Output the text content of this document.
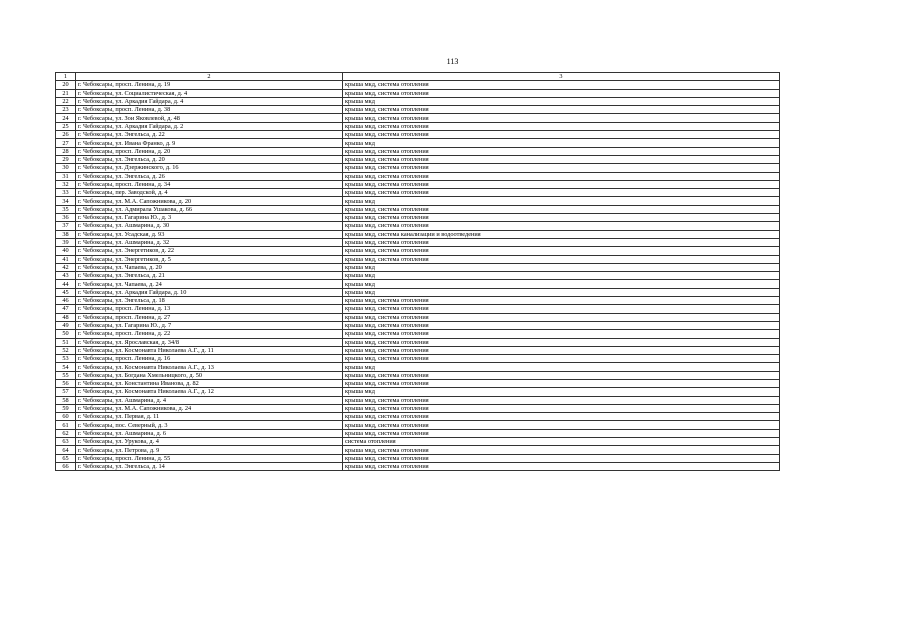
113
1	2	3
20	г. Чебоксары, просп. Ленина, д. 19	крыша мкд, система отопления
21	г. Чебоксары, ул. Социалистическая, д. 4	крыша мкд, система отопления
22	г. Чебоксары, ул. Аркадия Гайдара, д. 4	крыша мкд
23	г. Чебоксары, просп. Ленина, д. 38	крыша мкд, система отопления
24	г. Чебоксары, ул. Зои Яковлевой, д. 48	крыша мкд, система отопления
25	г. Чебоксары, ул. Аркадия Гайдара, д. 2	крыша мкд, система отопления
26	г. Чебоксары, ул. Энгельса, д. 22	крыша мкд, система отопления
27	г. Чебоксары, ул. Ивана Франко, д. 9	крыша мкд
28	г. Чебоксары, просп. Ленина, д. 20	крыша мкд, система отопления
29	г. Чебоксары, ул. Энгельса, д. 20	крыша мкд, система отопления
30	г. Чебоксары, ул. Дзержинского, д. 16	крыша мкд, система отопления
31	г. Чебоксары, ул. Энгельса, д. 26	крыша мкд, система отопления
32	г. Чебоксары, просп. Ленина, д. 34	крыша мкд, система отопления
33	г. Чебоксары, пер. Заводской, д. 4	крыша мкд, система отопления
34	г. Чебоксары, ул. М.А. Сапожникова, д. 20	крыша мкд
35	г. Чебоксары, ул. Адмирала Ушакова, д. 66	крыша мкд, система отопления
36	г. Чебоксары, ул. Гагарина Ю., д. 3	крыша мкд, система отопления
37	г. Чебоксары, ул. Ашмарина, д. 30	крыша мкд, система отопления
38	г. Чебоксары, ул. Усадская, д. 93	крыша мкд, система канализации и водоотведения
39	г. Чебоксары, ул. Ашмарина, д. 32	крыша мкд, система отопления
40	г. Чебоксары, ул. Энергетиков, д. 22	крыша мкд, система отопления
41	г. Чебоксары, ул. Энергетиков, д. 5	крыша мкд, система отопления
42	г. Чебоксары, ул. Чапаева, д. 20	крыша мкд
43	г. Чебоксары, ул. Энгельса, д. 21	крыша мкд
44	г. Чебоксары, ул. Чапаева, д. 24	крыша мкд
45	г. Чебоксары, ул. Аркадия Гайдара, д. 10	крыша мкд
46	г. Чебоксары, ул. Энгельса, д. 18	крыша мкд, система отопления
47	г. Чебоксары, просп. Ленина, д. 13	крыша мкд, система отопления
48	г. Чебоксары, просп. Ленина, д. 27	крыша мкд, система отопления
49	г. Чебоксары, ул. Гагарина Ю., д. 7	крыша мкд, система отопления
50	г. Чебоксары, просп. Ленина, д. 22	крыша мкд, система отопления
51	г. Чебоксары, ул. Ярославская, д. 34/8	крыша мкд, система отопления
52	г. Чебоксары, ул. Космонавта Николаева А.Г., д. 11	крыша мкд, система отопления
53	г. Чебоксары, просп. Ленина, д. 16	крыша мкд, система отопления
54	г. Чебоксары, ул. Космонавта Николаева А.Г., д. 13	крыша мкд
55	г. Чебоксары, ул. Богдана Хмельницкого, д. 50	крыша мкд, система отопления
56	г. Чебоксары, ул. Константина Иванова, д. 82	крыша мкд, система отопления
57	г. Чебоксары, ул. Космонавта Николаева А.Г., д. 12	крыша мкд
58	г. Чебоксары, ул. Ашмарина, д. 4	крыша мкд, система отопления
59	г. Чебоксары, ул. М.А. Сапожникова, д. 24	крыша мкд, система отопления
60	г. Чебоксары, ул. Первая, д. 11	крыша мкд, система отопления
61	г. Чебоксары, пос. Северный, д. 3	крыша мкд, система отопления
62	г. Чебоксары, ул. Ашмарина, д. 6	крыша мкд, система отопления
63	г. Чебоксары, ул. Урукова, д. 4	система отопления
64	г. Чебоксары, ул. Петрова, д. 9	крыша мкд, система отопления
65	г. Чебоксары, просп. Ленина, д. 55	крыша мкд, система отопления
66	г. Чебоксары, ул. Энгельса, д. 14	крыша мкд, система отопления
